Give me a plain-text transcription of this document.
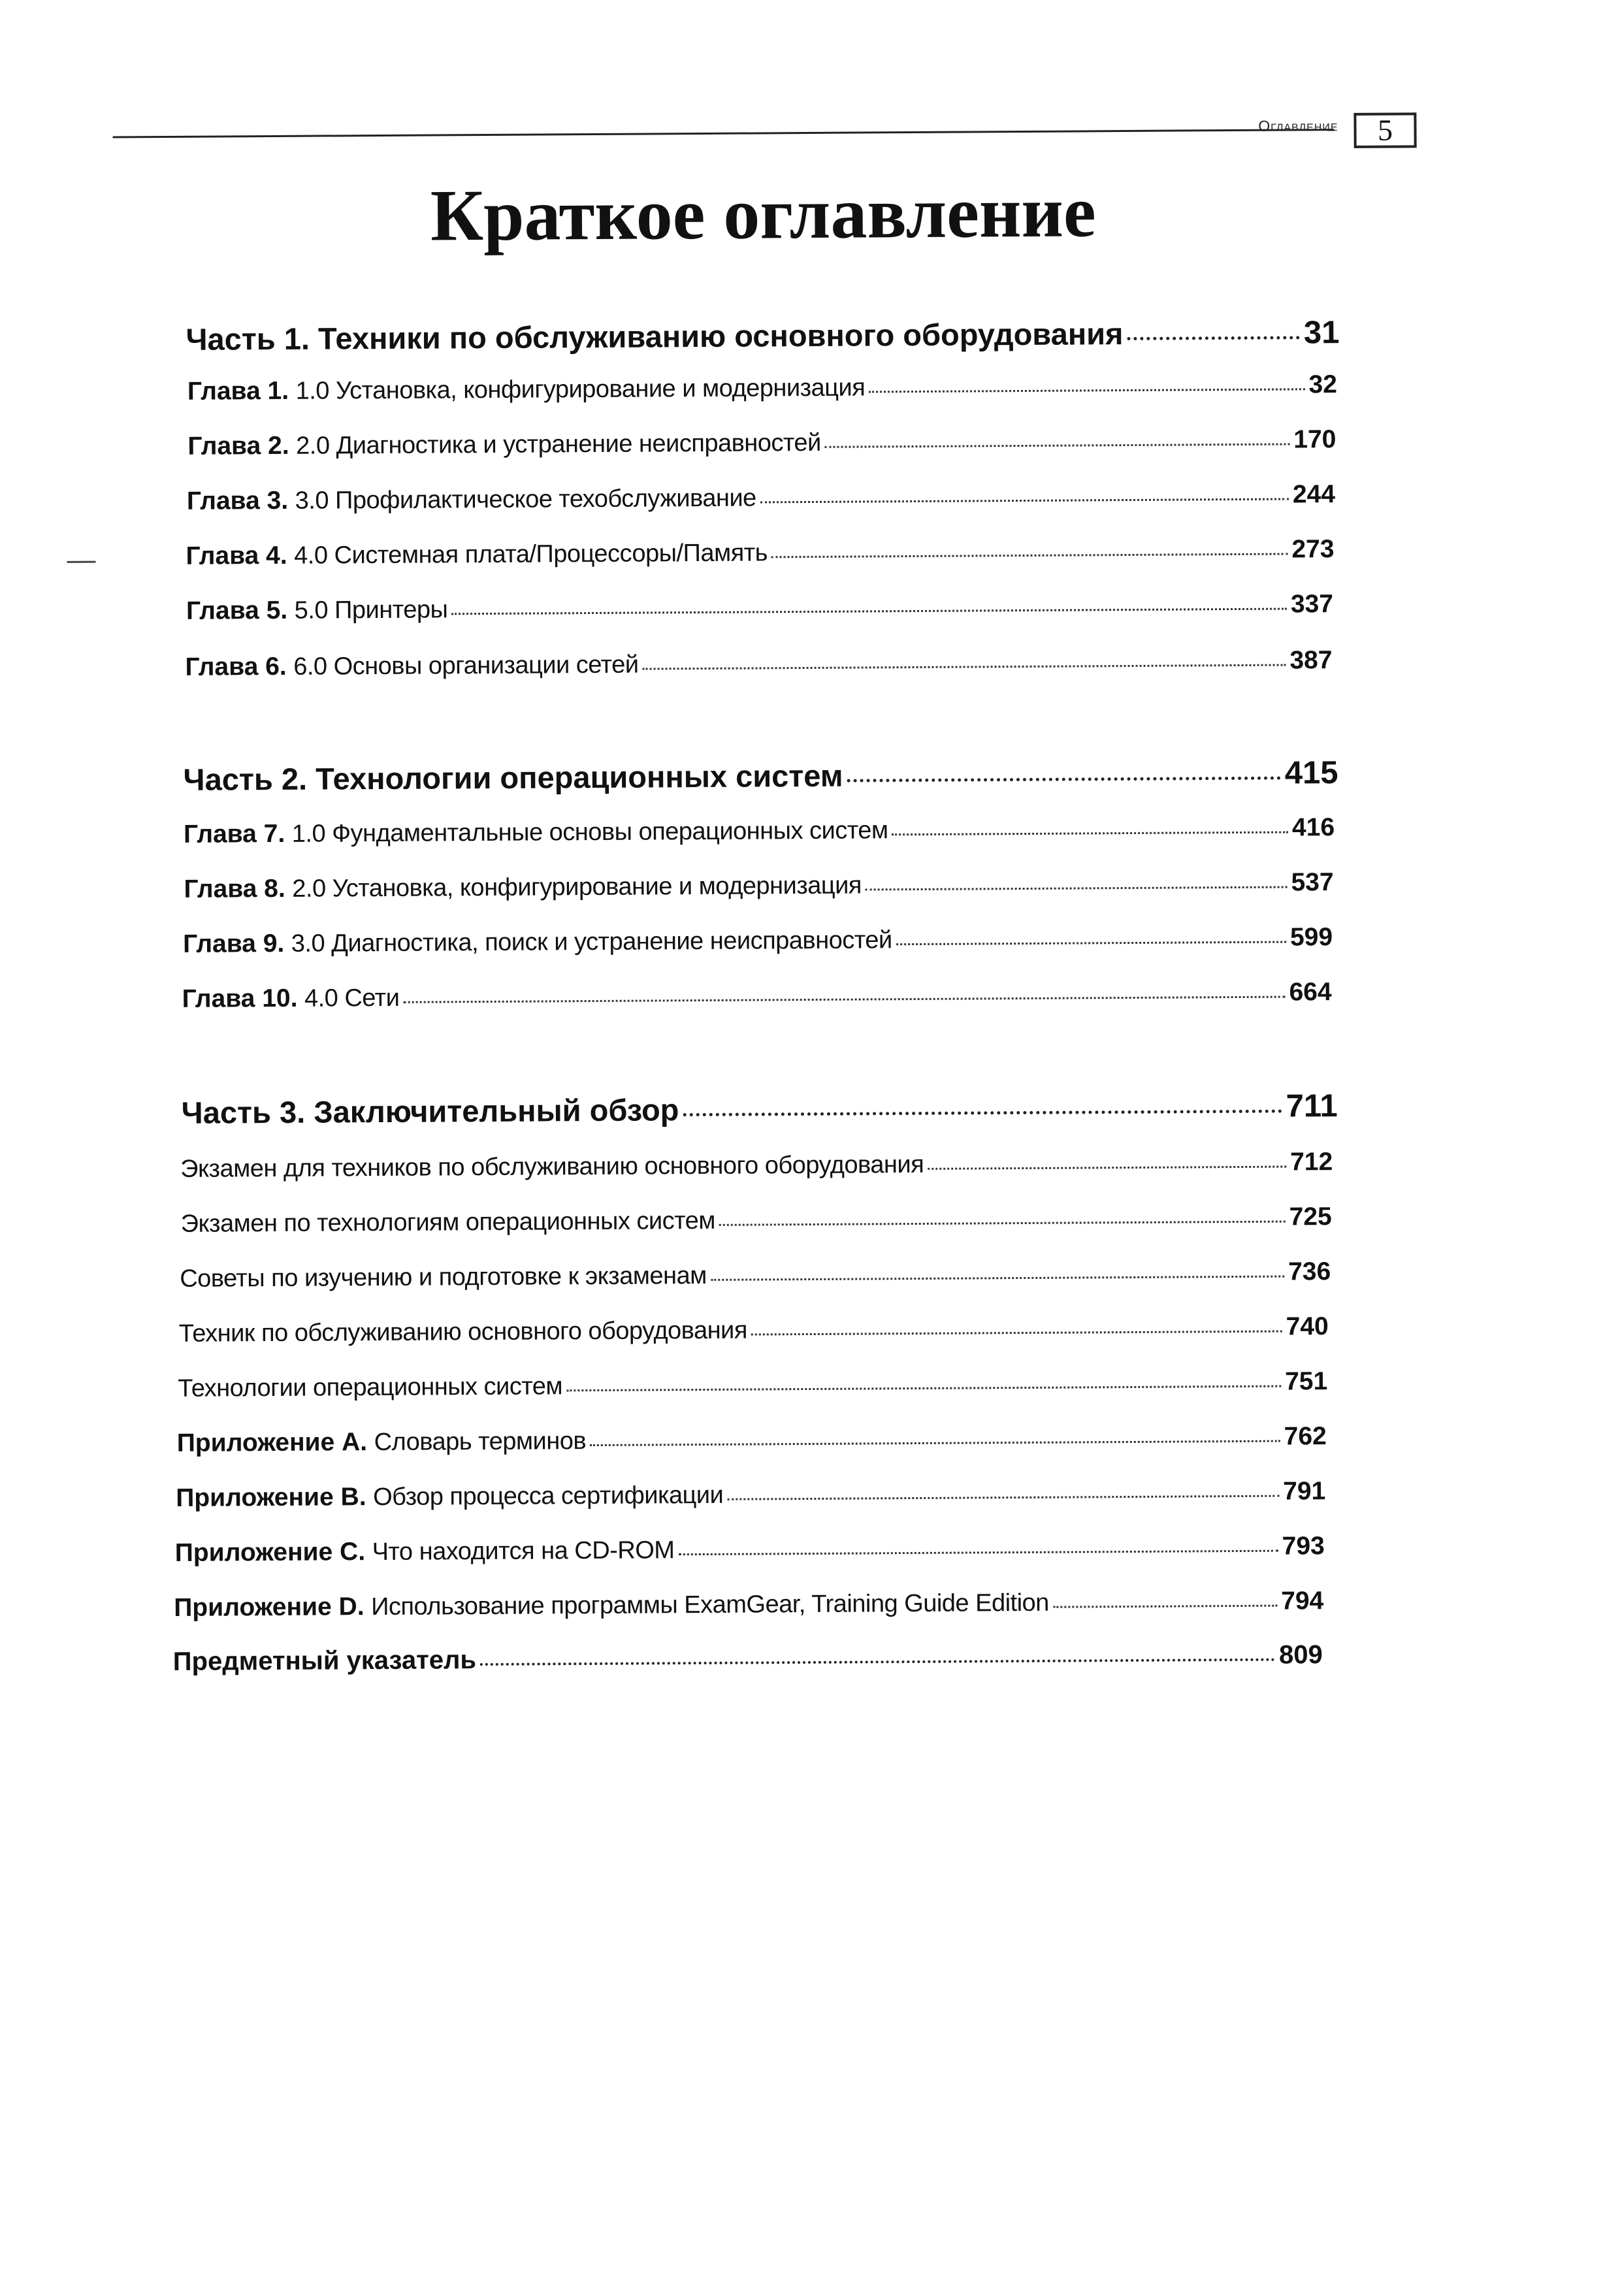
Оглавление	5
Краткое оглавление
Часть 1. Техники по обслуживанию основного оборудования	31
Глава 1. 1.0 Установка, конфигурирование и модернизация	32
Глава 2. 2.0 Диагностика и устранение неисправностей	170
Глава 3. 3.0 Профилактическое техобслуживание	244
Глава 4. 4.0 Системная плата/Процессоры/Память	273
Глава 5. 5.0 Принтеры	337
Глава 6. 6.0 Основы организации сетей	387
Часть 2. Технологии операционных систем	415
Глава 7. 1.0 Фундаментальные основы операционных систем	416
Глава 8. 2.0 Установка, конфигурирование и модернизация	537
Глава 9. 3.0 Диагностика, поиск и устранение неисправностей	599
Глава 10. 4.0 Сети	664
Часть 3. Заключительный обзор	711
Экзамен для техников по обслуживанию основного оборудования	712
Экзамен по технологиям операционных систем	725
Советы по изучению и подготовке к экзаменам	736
Техник по обслуживанию основного оборудования	740
Технологии операционных систем	751
Приложение А. Словарь терминов	762
Приложение В. Обзор процесса сертификации	791
Приложение С. Что находится на CD-ROM	793
Приложение D. Использование программы ExamGear, Training Guide Edition	794
Предметный указатель	809
